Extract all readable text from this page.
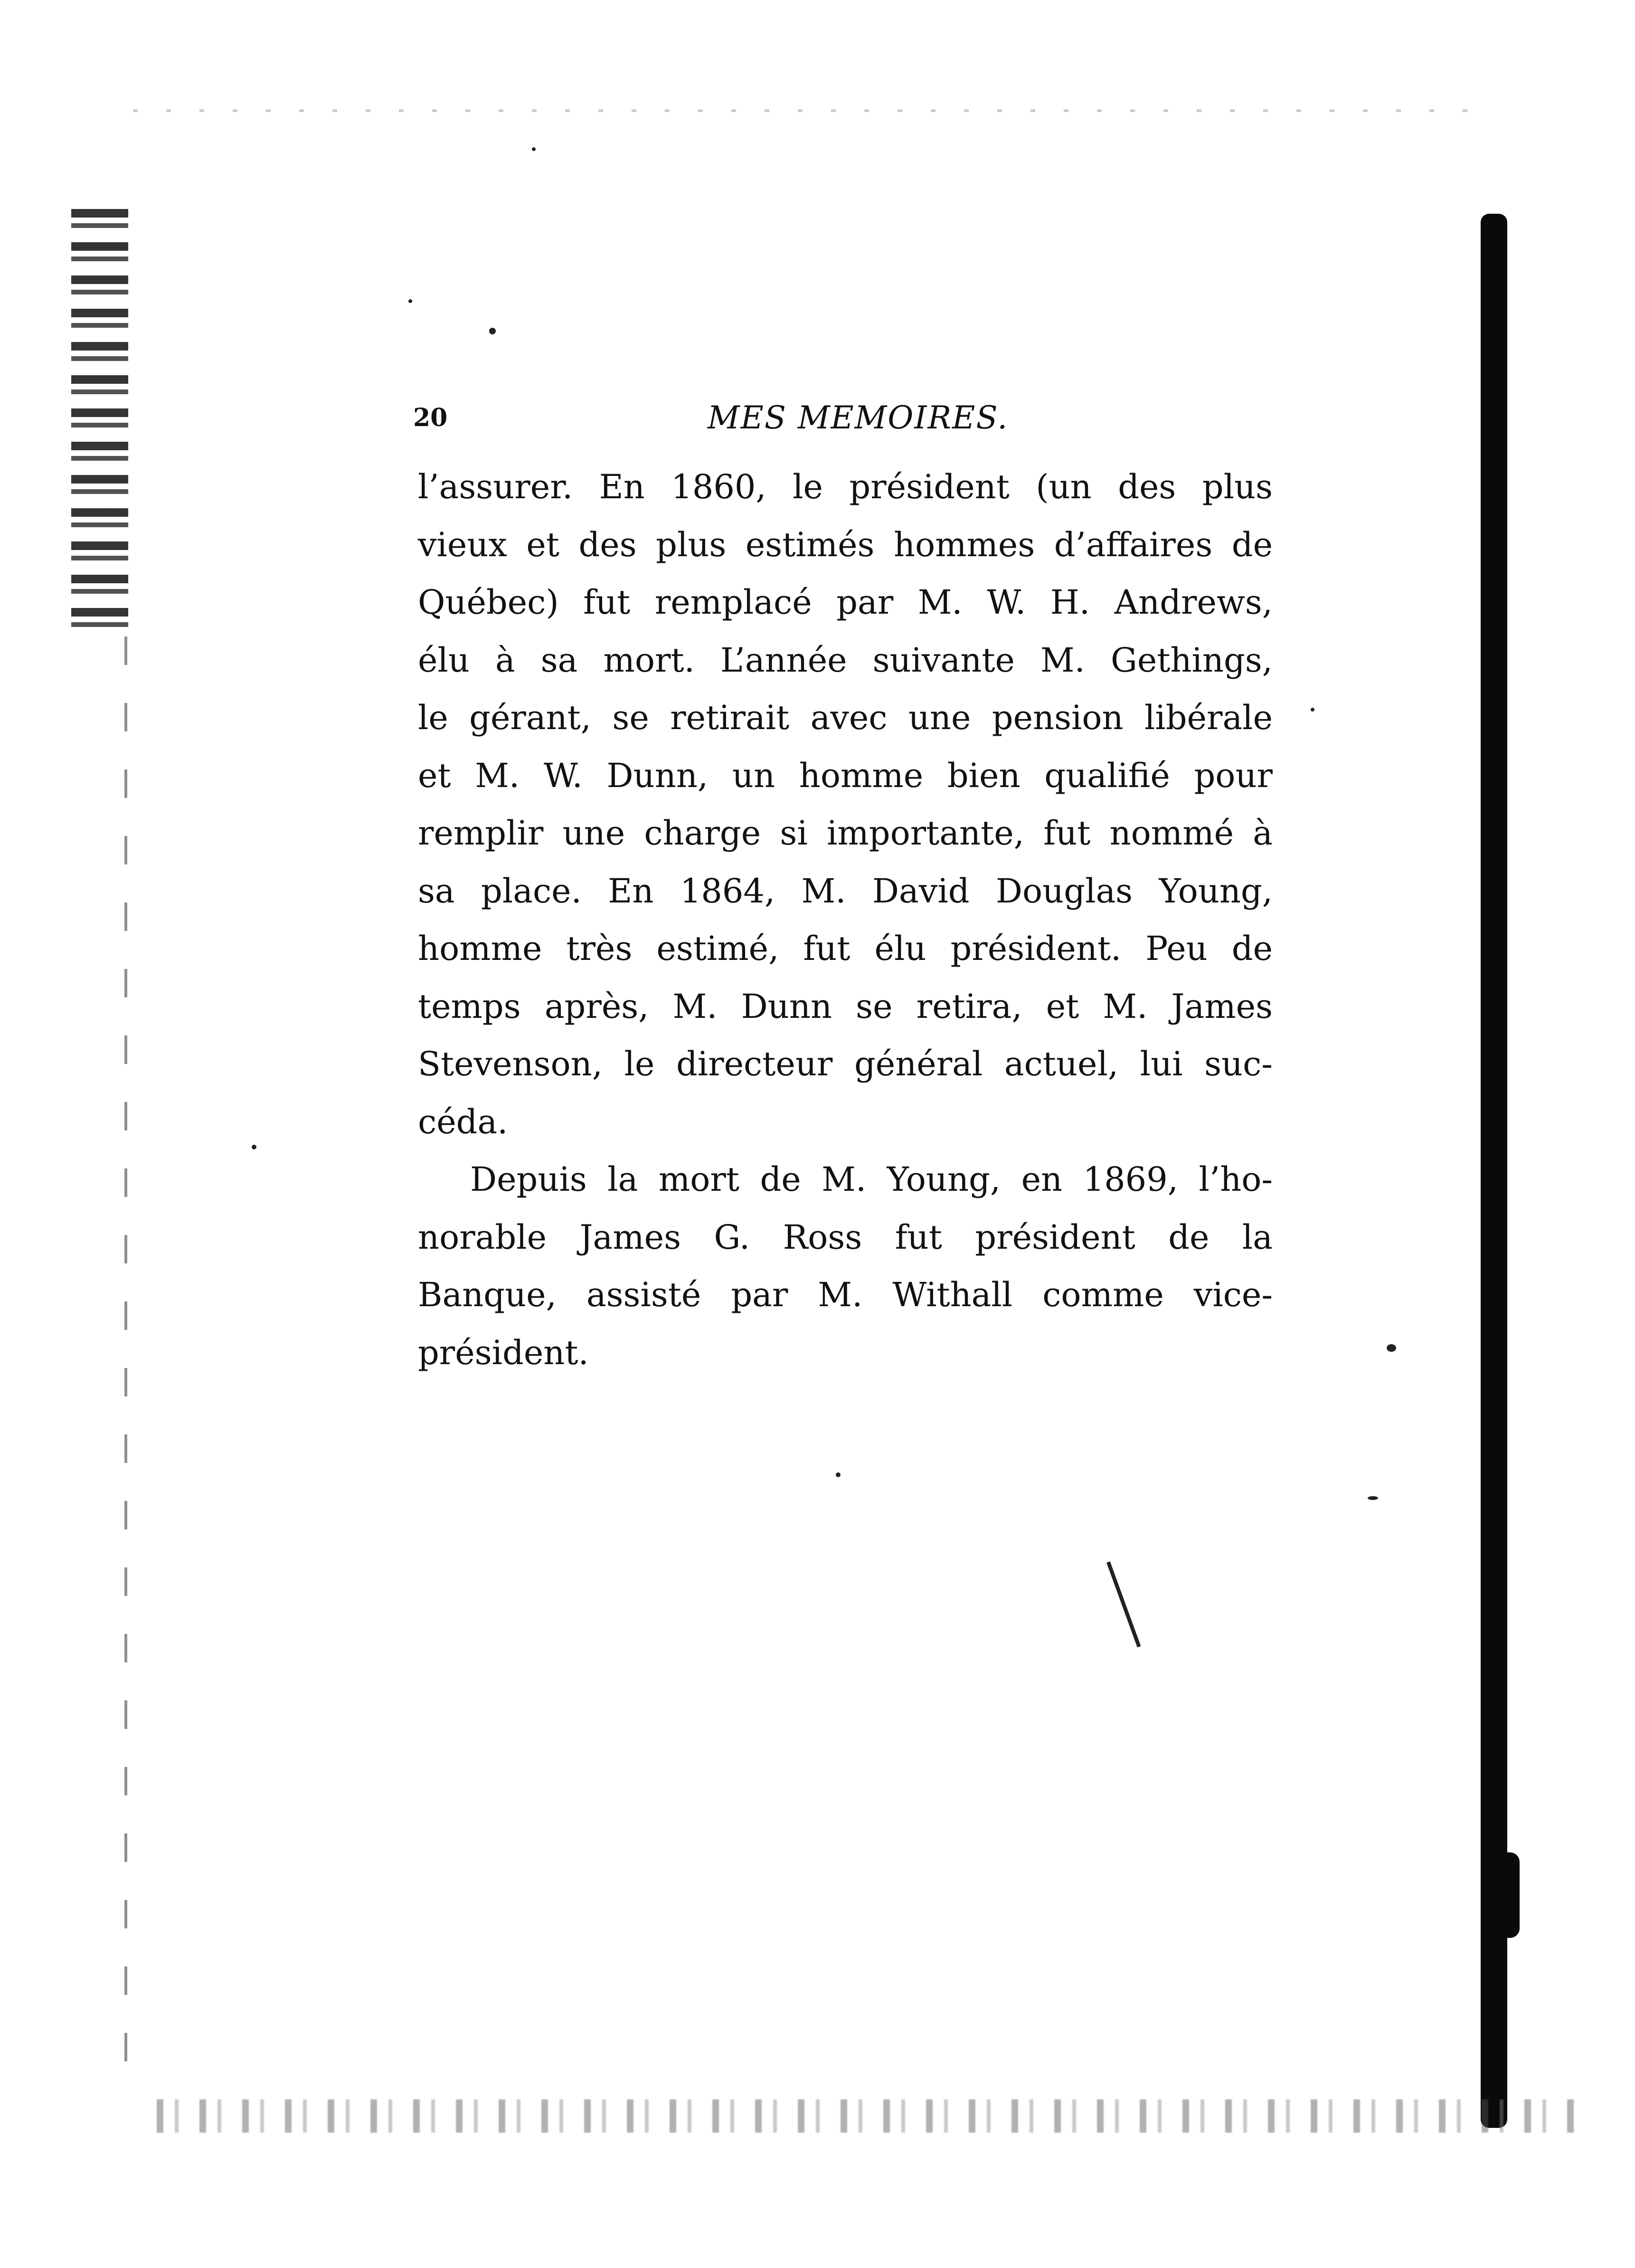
20	MES MEMOIRES.
l’assurer. En 1860, le président (un des plus
vieux et des plus estimés hommes d’affaires de
Québec) fut remplacé par M. W. H. Andrews,
élu à sa mort. L’année suivante M. Gethings,
le gérant, se retirait avec une pension libérale
et M. W. Dunn, un homme bien qualifié pour
remplir une charge si importante, fut nommé à
sa place. En 1864, M. David Douglas Young,
homme très estimé, fut élu président. Peu de
temps après, M. Dunn se retira, et M. James
Stevenson, le directeur général actuel, lui suc-
céda.
Depuis la mort de M. Young, en 1869, l’ho-
norable James G. Ross fut président de la
Banque, assisté par M. Withall comme vice-
président.
